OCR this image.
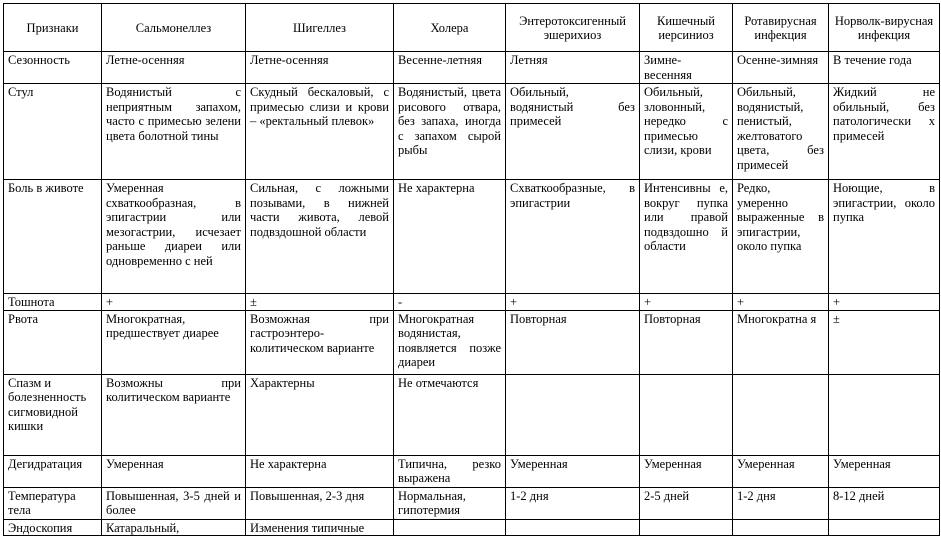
Признаки	Сальмонеллез	Шигеллез	Холера	Энтеротоксигенный эшерихиоз	Кишечный иерсиниоз	Ротавирусная инфекция	Норволк-вирусная инфекция
Сезонность	Летне-осенняя	Летне-осенняя	Весенне-летняя	Летняя	Зимне-весенняя	Осенне-зимняя	В течение года
Стул	Водянистый с неприятным запахом, часто с примесью зелени цвета болотной тины	Скудный бескаловый, с примесью слизи и крови – «ректальный плевок»	Водянистый, цвета рисового отвара, без запаха, иногда с запахом сырой рыбы	Обильный, водянистый без примесей	Обильный, зловонный, нередко с примесью слизи, крови	Обильный, водянистый, пенистый, желтоватого цвета, без примесей	Жидкий не обильный, без патологически х примесей
Боль в животе	Умеренная схваткообразная, в эпигастрии или мезогастрии, исчезает раньше диареи или одновременно с ней	Сильная, с ложными позывами, в нижней части живота, левой подвздошной области	Не характерна	Схваткообразные, в эпигастрии	Интенсивны е, вокруг пупка или правой подвздошно й области	Редко, умеренно выраженные в эпигастрии, около пупка	Ноющие, в эпигастрии, около пупка
Тошнота	+	±	-	+	+	+	+
Рвота	Многократная, предшествует диарее	Возможная при гастроэнтеро-колитическом варианте	Многократная водянистая, появляется позже диареи	Повторная	Повторная	Многократна я	±
Спазм и болезненность сигмовидной кишки	Возможны при колитическом варианте	Характерны	Не отмечаются				
Дегидратация	Умеренная	Не характерна	Типична, резко выражена	Умеренная	Умеренная	Умеренная	Умеренная
Температура тела	Повышенная, 3-5 дней и более	Повышенная, 2-3 дня	Нормальная, гипотермия	1-2 дня	2-5 дней	1-2 дня	8-12 дней
Эндоскопия	Катаральный,	Изменения типичные					
